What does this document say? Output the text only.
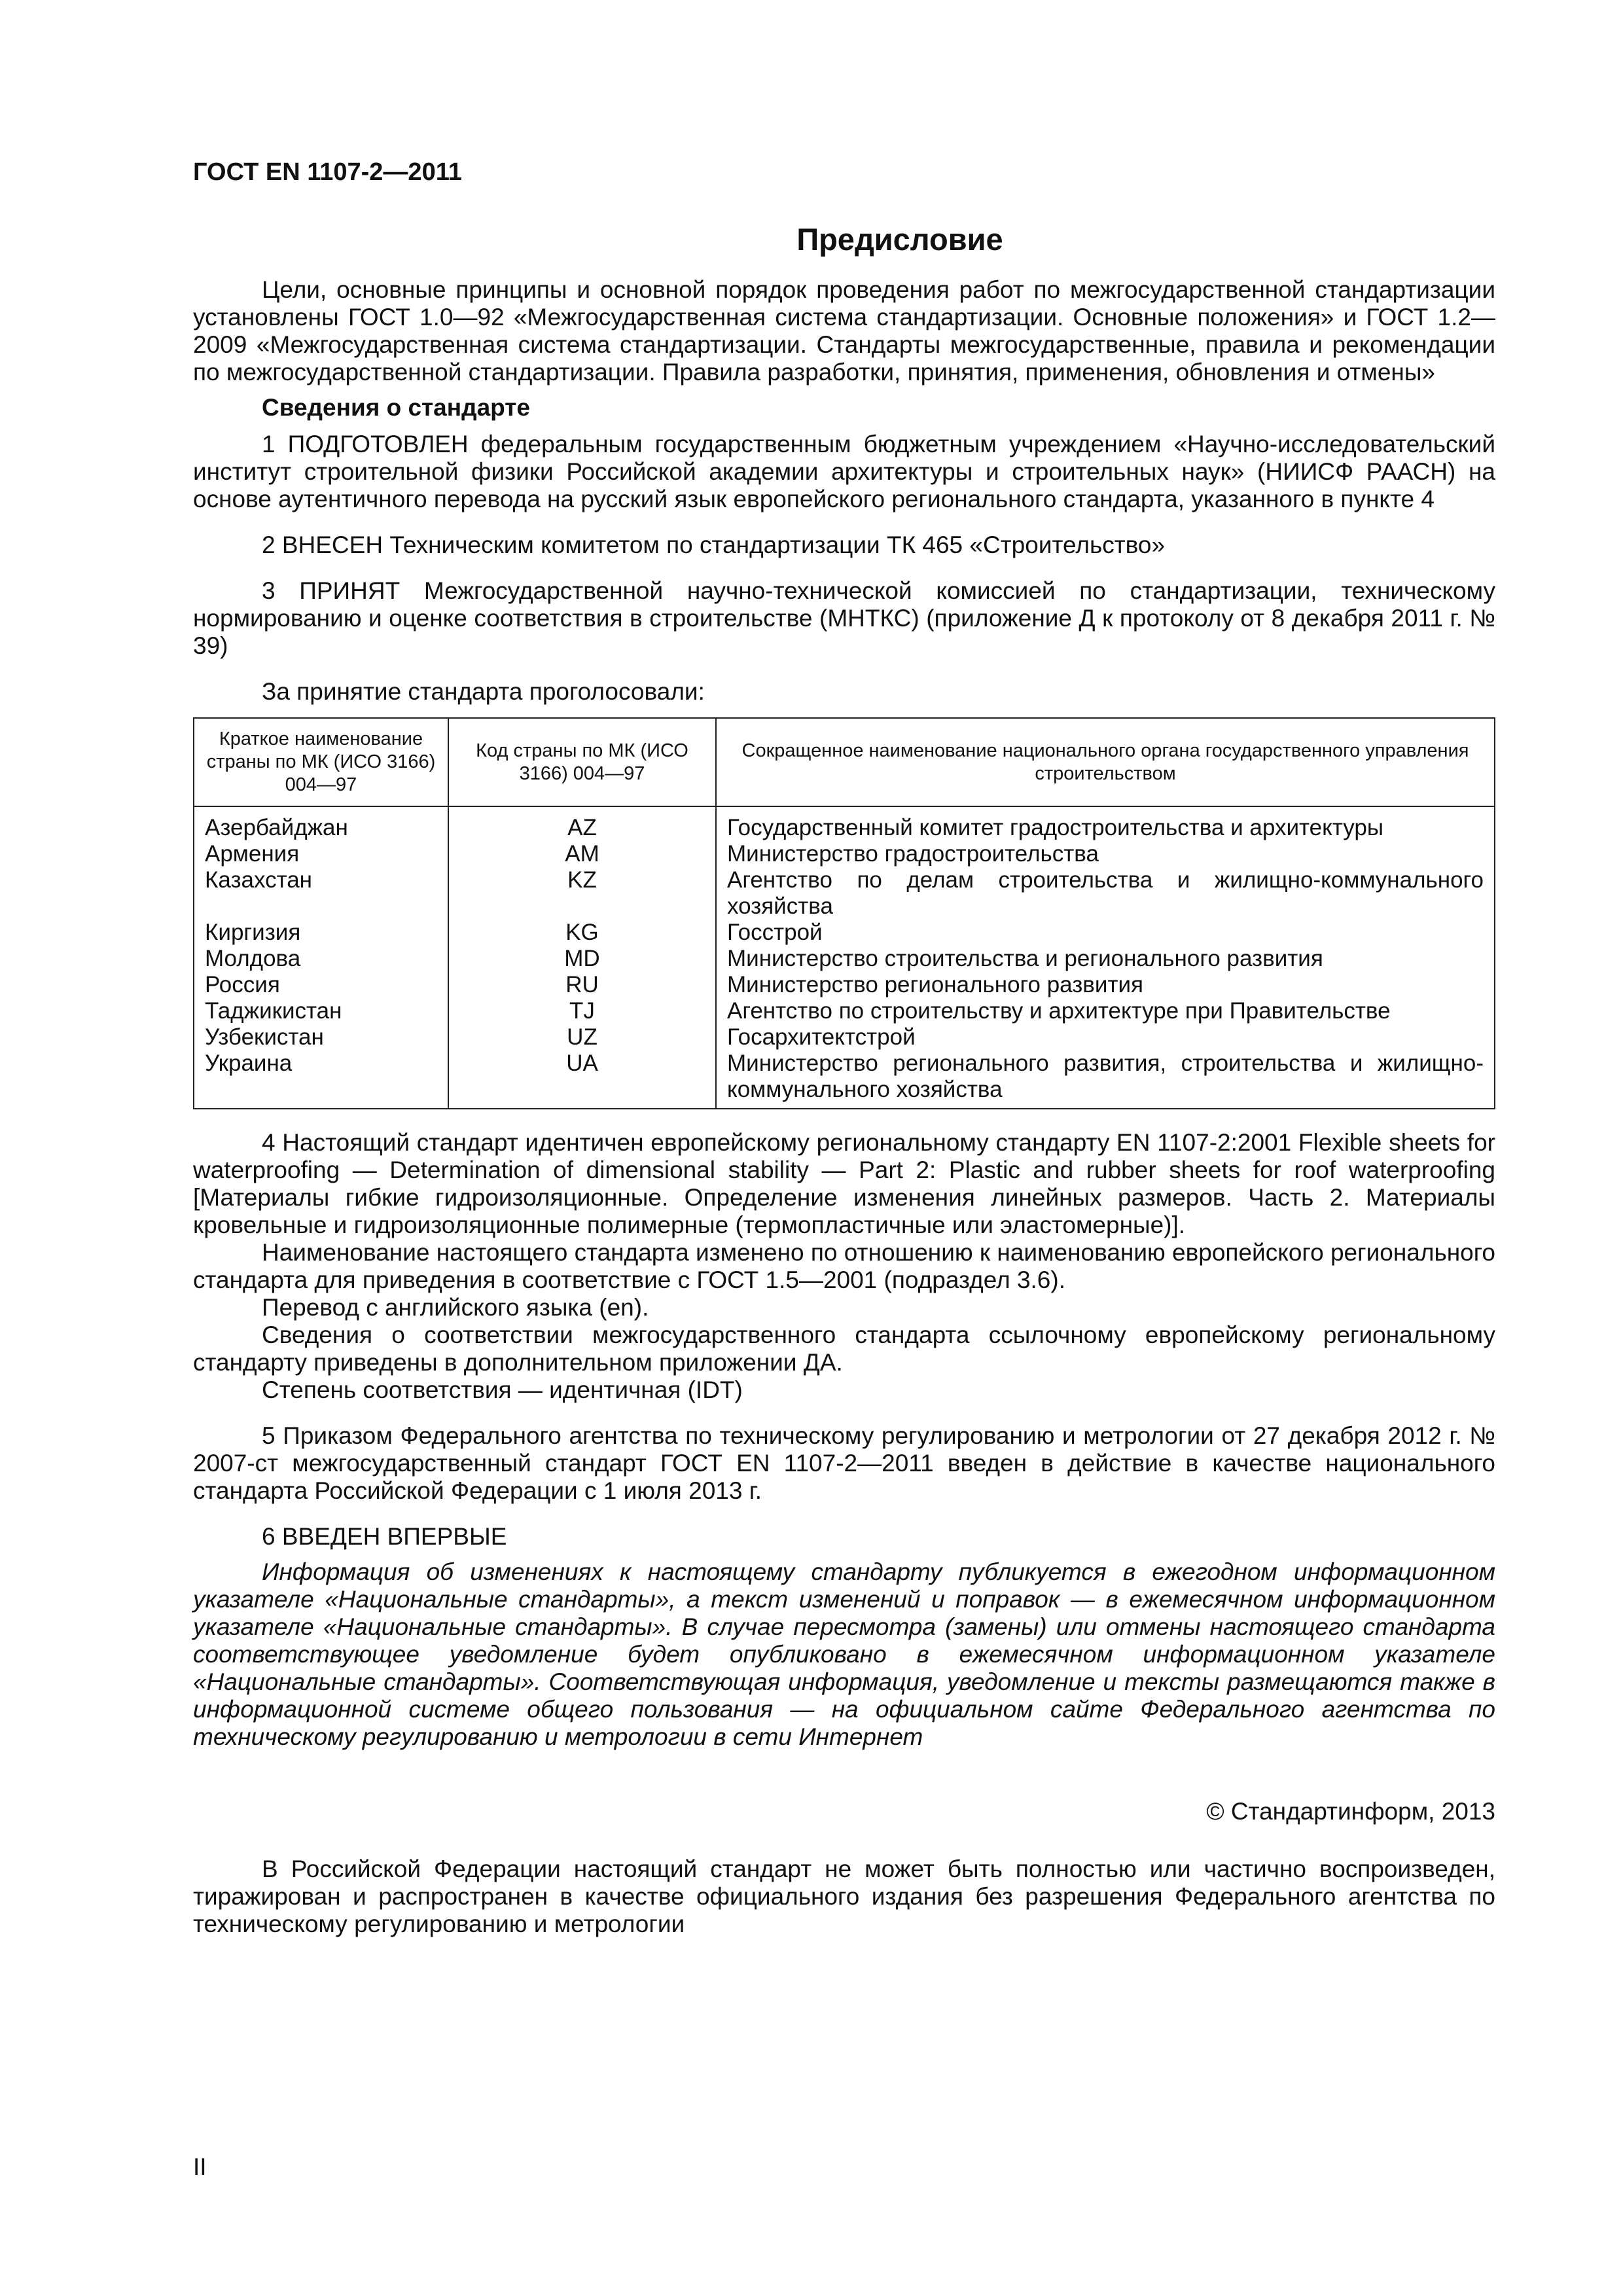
ГОСТ EN 1107-2—2011
Предисловие

Цели, основные принципы и основной порядок проведения работ по межгосударственной стандартизации установлены ГОСТ 1.0—92 «Межгосударственная система стандартизации. Основные положения» и ГОСТ 1.2—2009 «Межгосударственная система стандартизации. Стандарты межгосударственные, правила и рекомендации по межгосударственной стандартизации. Правила разработки, принятия, применения, обновления и отмены»

Сведения о стандарте

1 ПОДГОТОВЛЕН федеральным государственным бюджетным учреждением «Научно-исследовательский институт строительной физики Российской академии архитектуры и строительных наук» (НИИСФ РААСН) на основе аутентичного перевода на русский язык европейского регионального стандарта, указанного в пункте 4

2 ВНЕСЕН Техническим комитетом по стандартизации ТК 465 «Строительство»

3 ПРИНЯТ Межгосударственной научно-технической комиссией по стандартизации, техническому нормированию и оценке соответствия в строительстве (МНТКС) (приложение Д к протоколу от 8 декабря 2011 г. № 39)

За принятие стандарта проголосовали:

Краткое наименование страны по МК (ИСО 3166) 004—97	Код страны по МК (ИСО 3166) 004—97	Сокращенное наименование национального органа государственного управления строительством
Азербайджан	AZ	Государственный комитет градостроительства и архитектуры
Армения	AM	Министерство градостроительства
Казахстан	KZ	Агентство по делам строительства и жилищно-коммунального хозяйства
Киргизия	KG	Госстрой
Молдова	MD	Министерство строительства и регионального развития
Россия	RU	Министерство регионального развития
Таджикистан	TJ	Агентство по строительству и архитектуре при Правительстве
Узбекистан	UZ	Госархитектстрой
Украина	UA	Министерство регионального развития, строительства и жилищно-коммунального хозяйства

4 Настоящий стандарт идентичен европейскому региональному стандарту EN 1107-2:2001 Flexible sheets for waterproofing — Determination of dimensional stability — Part 2: Plastic and rubber sheets for roof waterproofing [Материалы гибкие гидроизоляционные. Определение изменения линейных размеров. Часть 2. Материалы кровельные и гидроизоляционные полимерные (термопластичные или эластомерные)].

Наименование настоящего стандарта изменено по отношению к наименованию европейского регионального стандарта для приведения в соответствие с ГОСТ 1.5—2001 (подраздел 3.6).

Перевод с английского языка (en).

Сведения о соответствии межгосударственного стандарта ссылочному европейскому региональному стандарту приведены в дополнительном приложении ДА.

Степень соответствия — идентичная (IDT)

5 Приказом Федерального агентства по техническому регулированию и метрологии от 27 декабря 2012 г. № 2007-ст межгосударственный стандарт ГОСТ EN 1107-2—2011 введен в действие в качестве национального стандарта Российской Федерации с 1 июля 2013 г.

6 ВВЕДЕН ВПЕРВЫЕ

Информация об изменениях к настоящему стандарту публикуется в ежегодном информационном указателе «Национальные стандарты», а текст изменений и поправок — в ежемесячном информационном указателе «Национальные стандарты». В случае пересмотра (замены) или отмены настоящего стандарта соответствующее уведомление будет опубликовано в ежемесячном информационном указателе «Национальные стандарты». Соответствующая информация, уведомление и тексты размещаются также в информационной системе общего пользования — на официальном сайте Федерального агентства по техническому регулированию и метрологии в сети Интернет

© Стандартинформ, 2013

В Российской Федерации настоящий стандарт не может быть полностью или частично воспроизведен, тиражирован и распространен в качестве официального издания без разрешения Федерального агентства по техническому регулированию и метрологии

II
